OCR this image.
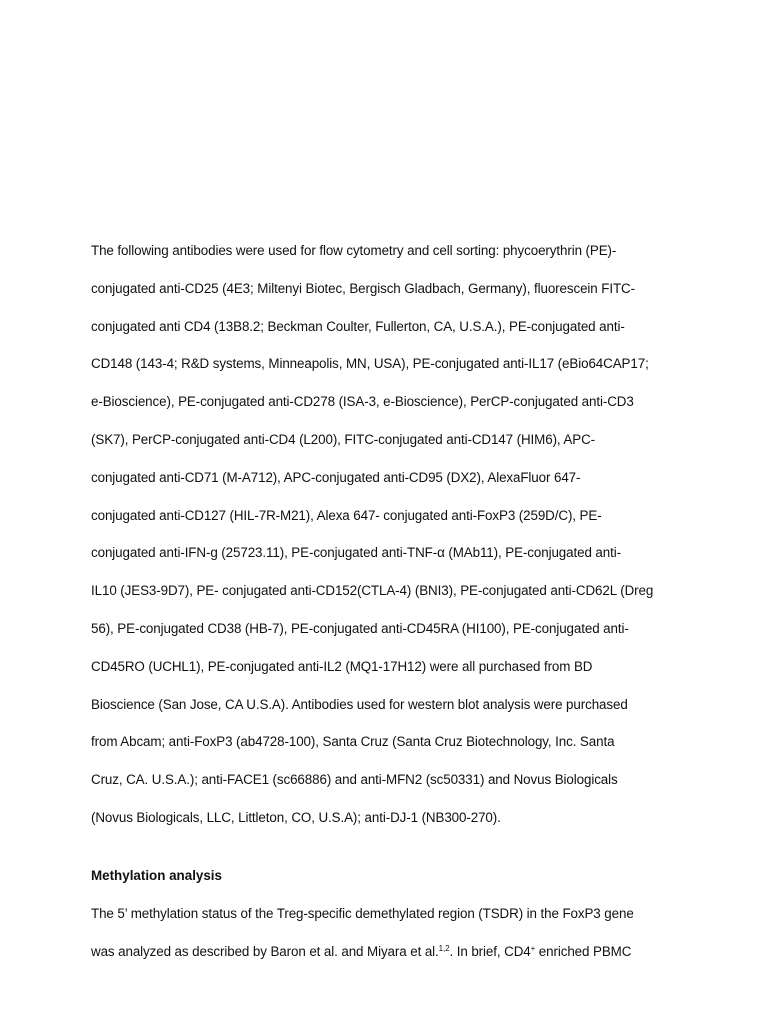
The following antibodies were used for flow cytometry and cell sorting: phycoerythrin (PE)-
conjugated anti-CD25 (4E3; Miltenyi Biotec, Bergisch Gladbach, Germany), fluorescein FITC-
conjugated anti CD4 (13B8.2; Beckman Coulter, Fullerton, CA, U.S.A.), PE-conjugated anti-
CD148 (143-4; R&D systems, Minneapolis, MN, USA), PE-conjugated anti-IL17 (eBio64CAP17;
e-Bioscience), PE-conjugated anti-CD278 (ISA-3, e-Bioscience), PerCP-conjugated anti-CD3
(SK7), PerCP-conjugated anti-CD4 (L200), FITC-conjugated anti-CD147 (HIM6), APC-
conjugated anti-CD71 (M-A712), APC-conjugated anti-CD95 (DX2), AlexaFluor 647-
conjugated anti-CD127 (HIL-7R-M21), Alexa 647- conjugated anti-FoxP3 (259D/C), PE-
conjugated anti-IFN-g (25723.11), PE-conjugated anti-TNF-α (MAb11), PE-conjugated anti-
IL10 (JES3-9D7), PE- conjugated anti-CD152(CTLA-4) (BNI3), PE-conjugated anti-CD62L (Dreg
56), PE-conjugated CD38 (HB-7), PE-conjugated anti-CD45RA (HI100), PE-conjugated anti-
CD45RO (UCHL1), PE-conjugated anti-IL2 (MQ1-17H12) were all purchased from BD
Bioscience (San Jose, CA U.S.A). Antibodies used for western blot analysis were purchased
from Abcam; anti-FoxP3 (ab4728-100), Santa Cruz (Santa Cruz Biotechnology, Inc. Santa
Cruz, CA. U.S.A.); anti-FACE1 (sc66886) and anti-MFN2 (sc50331) and Novus Biologicals
(Novus Biologicals, LLC, Littleton, CO, U.S.A); anti-DJ-1 (NB300-270).
Methylation analysis
The 5’ methylation status of the Treg-specific demethylated region (TSDR) in the FoxP3 gene
was analyzed as described by Baron et al. and Miyara et al.$^{1,2}$. In brief, CD4+ enriched PBMC
